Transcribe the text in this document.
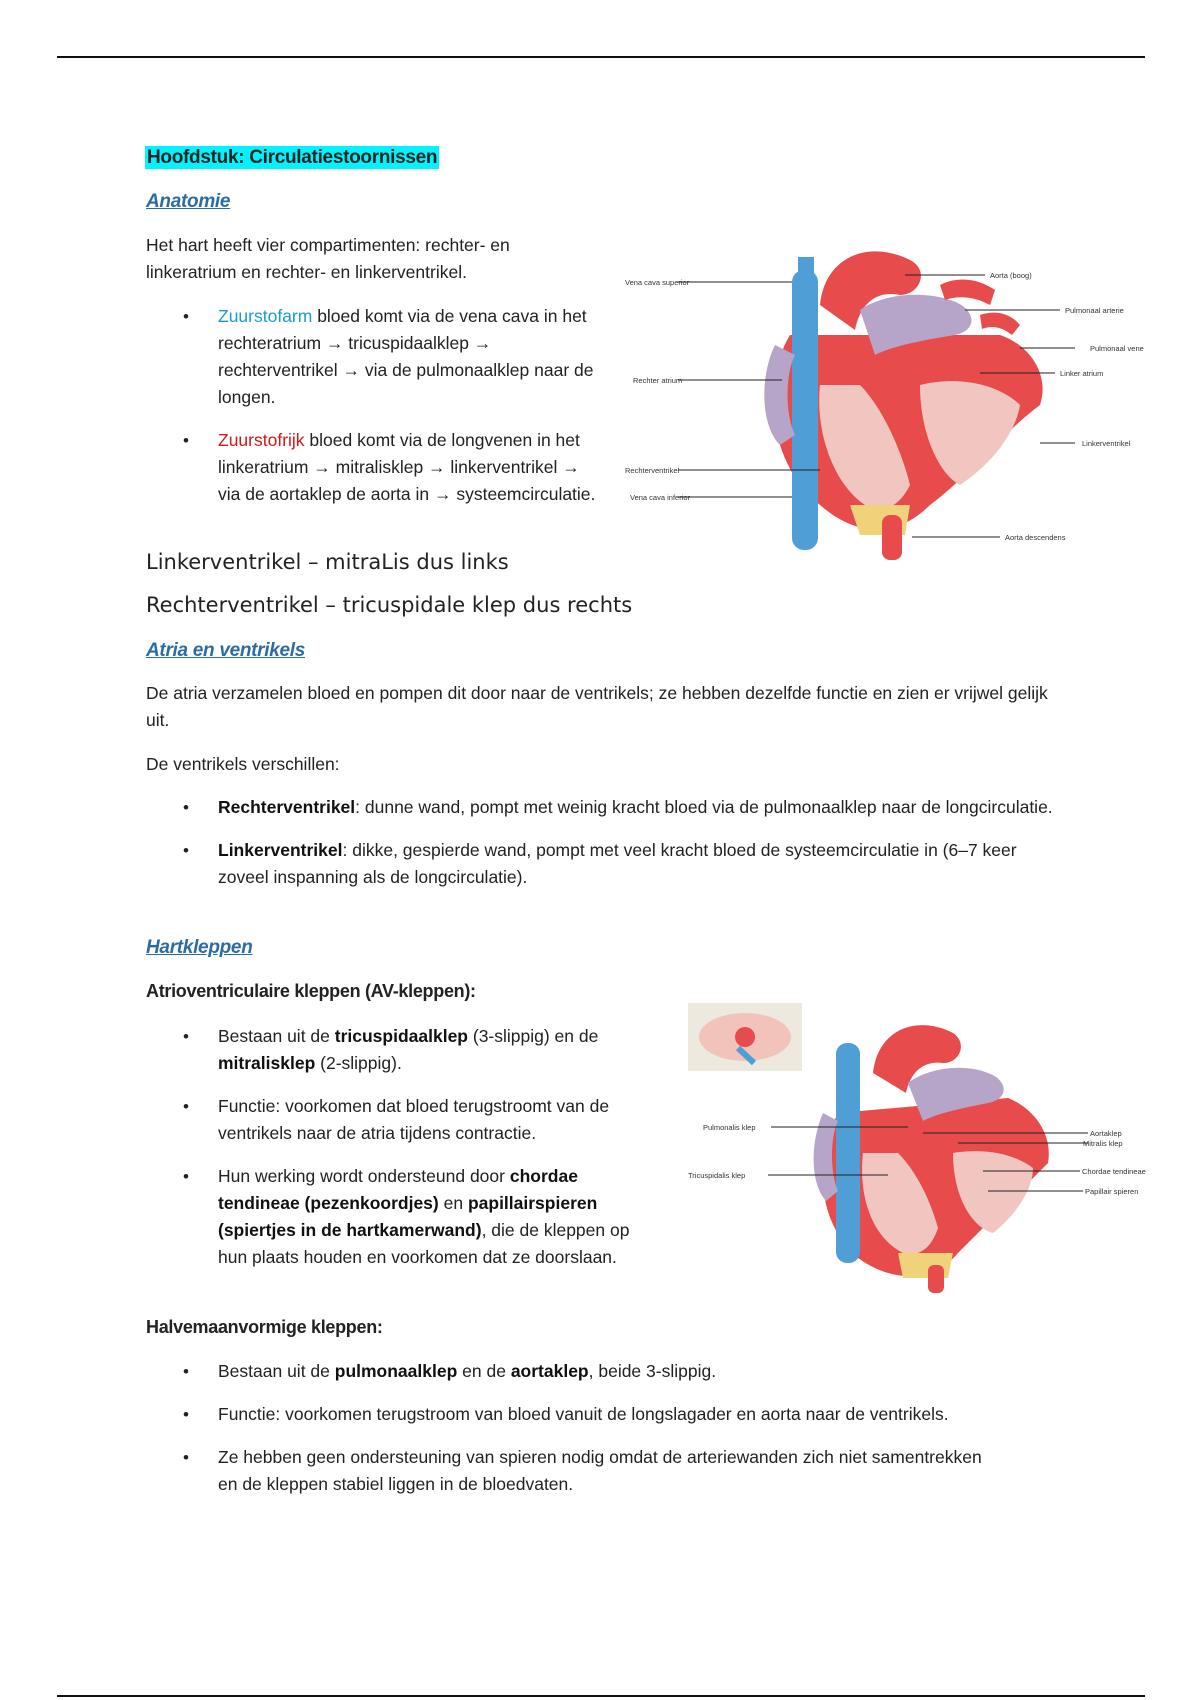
Hoofdstuk: Circulatiestoornissen
Anatomie

Het hart heeft vier compartimenten: rechter- en linkeratrium en rechter- en linkerventrikel.

• Zuurstofarm bloed komt via de vena cava in het rechteratrium → tricuspidaalklep → rechterventrikel → via de pulmonaalklep naar de longen.
• Zuurstofrijk bloed komt via de longvenen in het linkeratrium → mitralisklep → linkerventrikel → via de aortaklep de aorta in → systeemcirculatie.
Linkerventrikel – mitraLis dus links
Rechterventrikel – tricuspidale klep dus rechts
Vena cava superior
Rechter atrium
Rechterventrikel
Vena cava inferior
Aorta (boog)
Pulmonaal arterie
Pulmonaal vene
Linker atrium
Linkerventrikel
Aorta descendens
Atria en ventrikels

De atria verzamelen bloed en pompen dit door naar de ventrikels; ze hebben dezelfde functie en zien er vrijwel gelijk uit.

De ventrikels verschillen:

• Rechterventrikel: dunne wand, pompt met weinig kracht bloed via de pulmonaalklep naar de longcirculatie.
• Linkerventrikel: dikke, gespierde wand, pompt met veel kracht bloed de systeemcirculatie in (6–7 keer zoveel inspanning als de longcirculatie).
Hartkleppen
Atrioventriculaire kleppen (AV-kleppen):
• Bestaan uit de tricuspidaalklep (3-slippig) en de mitralisklep (2-slippig).
• Functie: voorkomen dat bloed terugstroomt van de ventrikels naar de atria tijdens contractie.
• Hun werking wordt ondersteund door chordae tendineae (pezenkoordjes) en papillairspieren (spiertjes in de hartkamerwand), die de kleppen op hun plaats houden en voorkomen dat ze doorslaan.
Pulmonalis klep
Tricuspidalis klep
Aortaklep
Mitralis klep
Chordae tendineae
Papillair spieren
Halvemaanvormige kleppen:
• Bestaan uit de pulmonaalklep en de aortaklep, beide 3-slippig.
• Functie: voorkomen terugstroom van bloed vanuit de longslagader en aorta naar de ventrikels.
• Ze hebben geen ondersteuning van spieren nodig omdat de arteriewanden zich niet samentrekken en de kleppen stabiel liggen in de bloedvaten.
